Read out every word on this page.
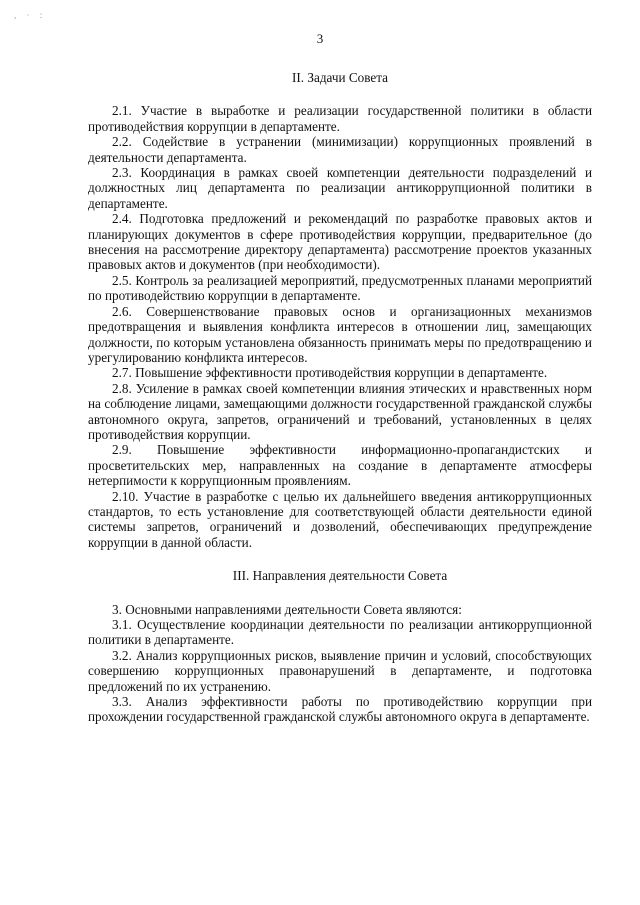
, · :
3
II. Задачи Совета

2.1. Участие в выработке и реализации государственной политики в области противодействия коррупции в департаменте.

2.2. Содействие в устранении (минимизации) коррупционных проявлений в деятельности департамента.

2.3. Координация в рамках своей компетенции деятельности подразделений и должностных лиц департамента по реализации антикоррупционной политики в департаменте.

2.4. Подготовка предложений и рекомендаций по разработке правовых актов и планирующих документов в сфере противодействия коррупции, предварительное (до внесения на рассмотрение директору департамента) рассмотрение проектов указанных правовых актов и документов (при необходимости).

2.5. Контроль за реализацией мероприятий, предусмотренных планами мероприятий по противодействию коррупции в департаменте.

2.6. Совершенствование правовых основ и организационных механизмов предотвращения и выявления конфликта интересов в отношении лиц, замещающих должности, по которым установлена обязанность принимать меры по предотвращению и урегулированию конфликта интересов.

2.7. Повышение эффективности противодействия коррупции в департаменте.

2.8. Усиление в рамках своей компетенции влияния этических и нравственных норм на соблюдение лицами, замещающими должности государственной гражданской службы автономного округа, запретов, ограничений и требований, установленных в целях противодействия коррупции.

2.9. Повышение эффективности информационно-пропагандистских и просветительских мер, направленных на создание в департаменте атмосферы нетерпимости к коррупционным проявлениям.

2.10. Участие в разработке с целью их дальнейшего введения антикоррупционных стандартов, то есть установление для соответствующей области деятельности единой системы запретов, ограничений и дозволений, обеспечивающих предупреждение коррупции в данной области.

III. Направления деятельности Совета

3. Основными направлениями деятельности Совета являются:

3.1. Осуществление координации деятельности по реализации антикоррупционной политики в департаменте.

3.2. Анализ коррупционных рисков, выявление причин и условий, способствующих совершению коррупционных правонарушений в департаменте, и подготовка предложений по их устранению.

3.3. Анализ эффективности работы по противодействию коррупции при прохождении государственной гражданской службы автономного округа в департаменте.
